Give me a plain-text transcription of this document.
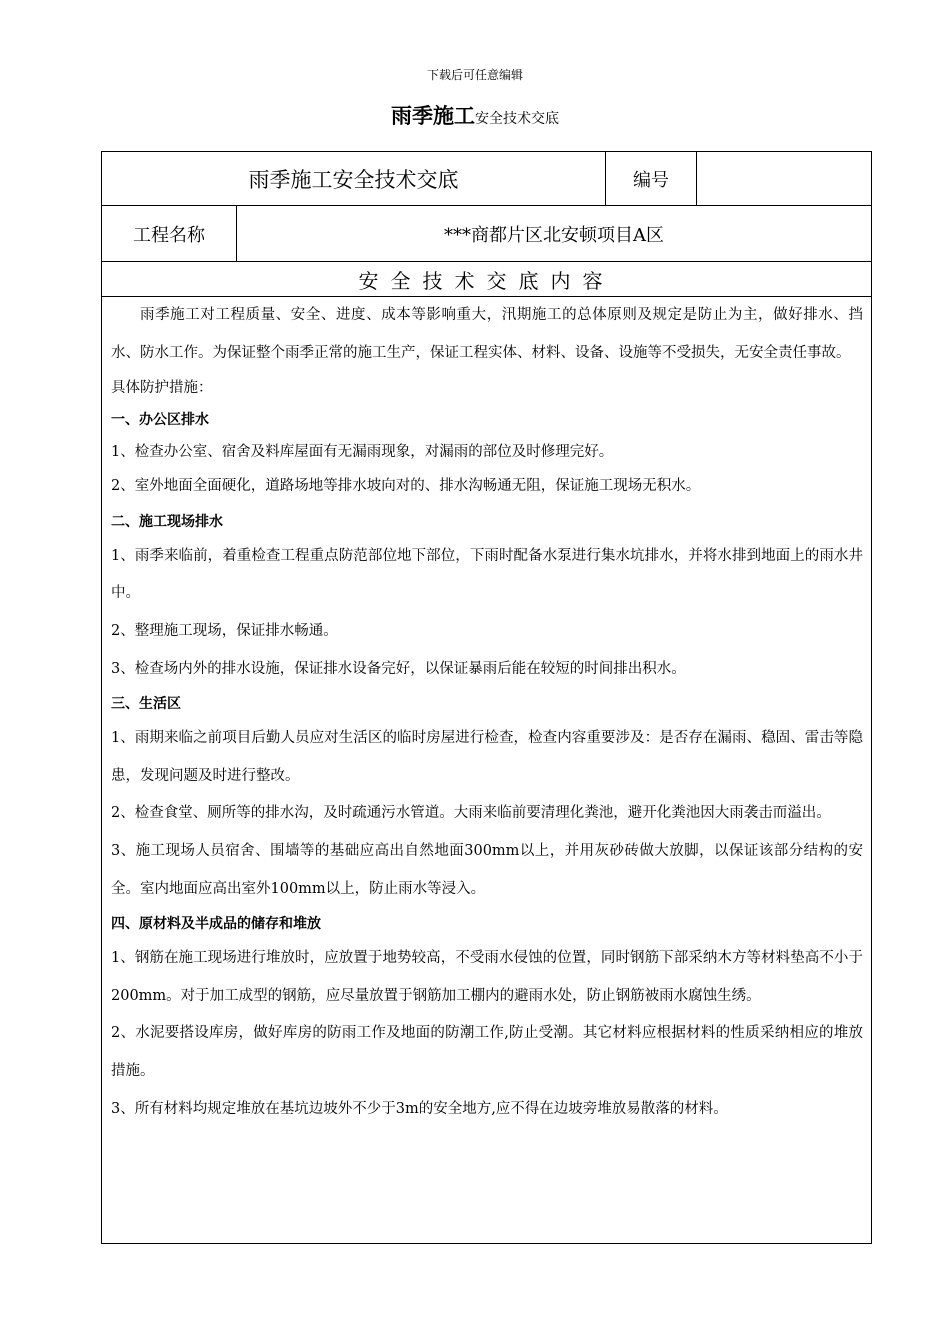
下载后可任意编辑
雨季施工安全技术交底
雨季施工安全技术交底	编号
工程名称	***商都片区北安顿项目A区
安全技术交底内容

雨季施工对工程质量、安全、进度、成本等影响重大，汛期施工的总体原则及规定是防止为主，做好排水、挡水、防水工作。为保证整个雨季正常的施工生产，保证工程实体、材料、设备、设施等不受损失，无安全责任事故。

具体防护措施：

一、办公区排水

1、检查办公室、宿舍及料库屋面有无漏雨现象，对漏雨的部位及时修理完好。

2、室外地面全面硬化，道路场地等排水坡向对的、排水沟畅通无阻，保证施工现场无积水。

二、施工现场排水

1、雨季来临前，着重检查工程重点防范部位地下部位，下雨时配备水泵进行集水坑排水，并将水排到地面上的雨水井中。

2、整理施工现场，保证排水畅通。

3、检查场内外的排水设施，保证排水设备完好，以保证暴雨后能在较短的时间排出积水。

三、生活区

1、雨期来临之前项目后勤人员应对生活区的临时房屋进行检查，检查内容重要涉及：是否存在漏雨、稳固、雷击等隐患，发现问题及时进行整改。

2、检查食堂、厕所等的排水沟，及时疏通污水管道。大雨来临前要清理化粪池，避开化粪池因大雨袭击而溢出。

3、施工现场人员宿舍、围墙等的基础应高出自然地面300mm以上，并用灰砂砖做大放脚，以保证该部分结构的安全。室内地面应高出室外100mm以上，防止雨水等浸入。

四、原材料及半成品的储存和堆放

1、钢筋在施工现场进行堆放时，应放置于地势较高，不受雨水侵蚀的位置，同时钢筋下部采纳木方等材料垫高不小于200mm。对于加工成型的钢筋，应尽量放置于钢筋加工棚内的避雨水处，防止钢筋被雨水腐蚀生绣。

2、水泥要搭设库房，做好库房的防雨工作及地面的防潮工作,防止受潮。其它材料应根据材料的性质采纳相应的堆放措施。

3、所有材料均规定堆放在基坑边坡外不少于3m的安全地方,应不得在边坡旁堆放易散落的材料。
